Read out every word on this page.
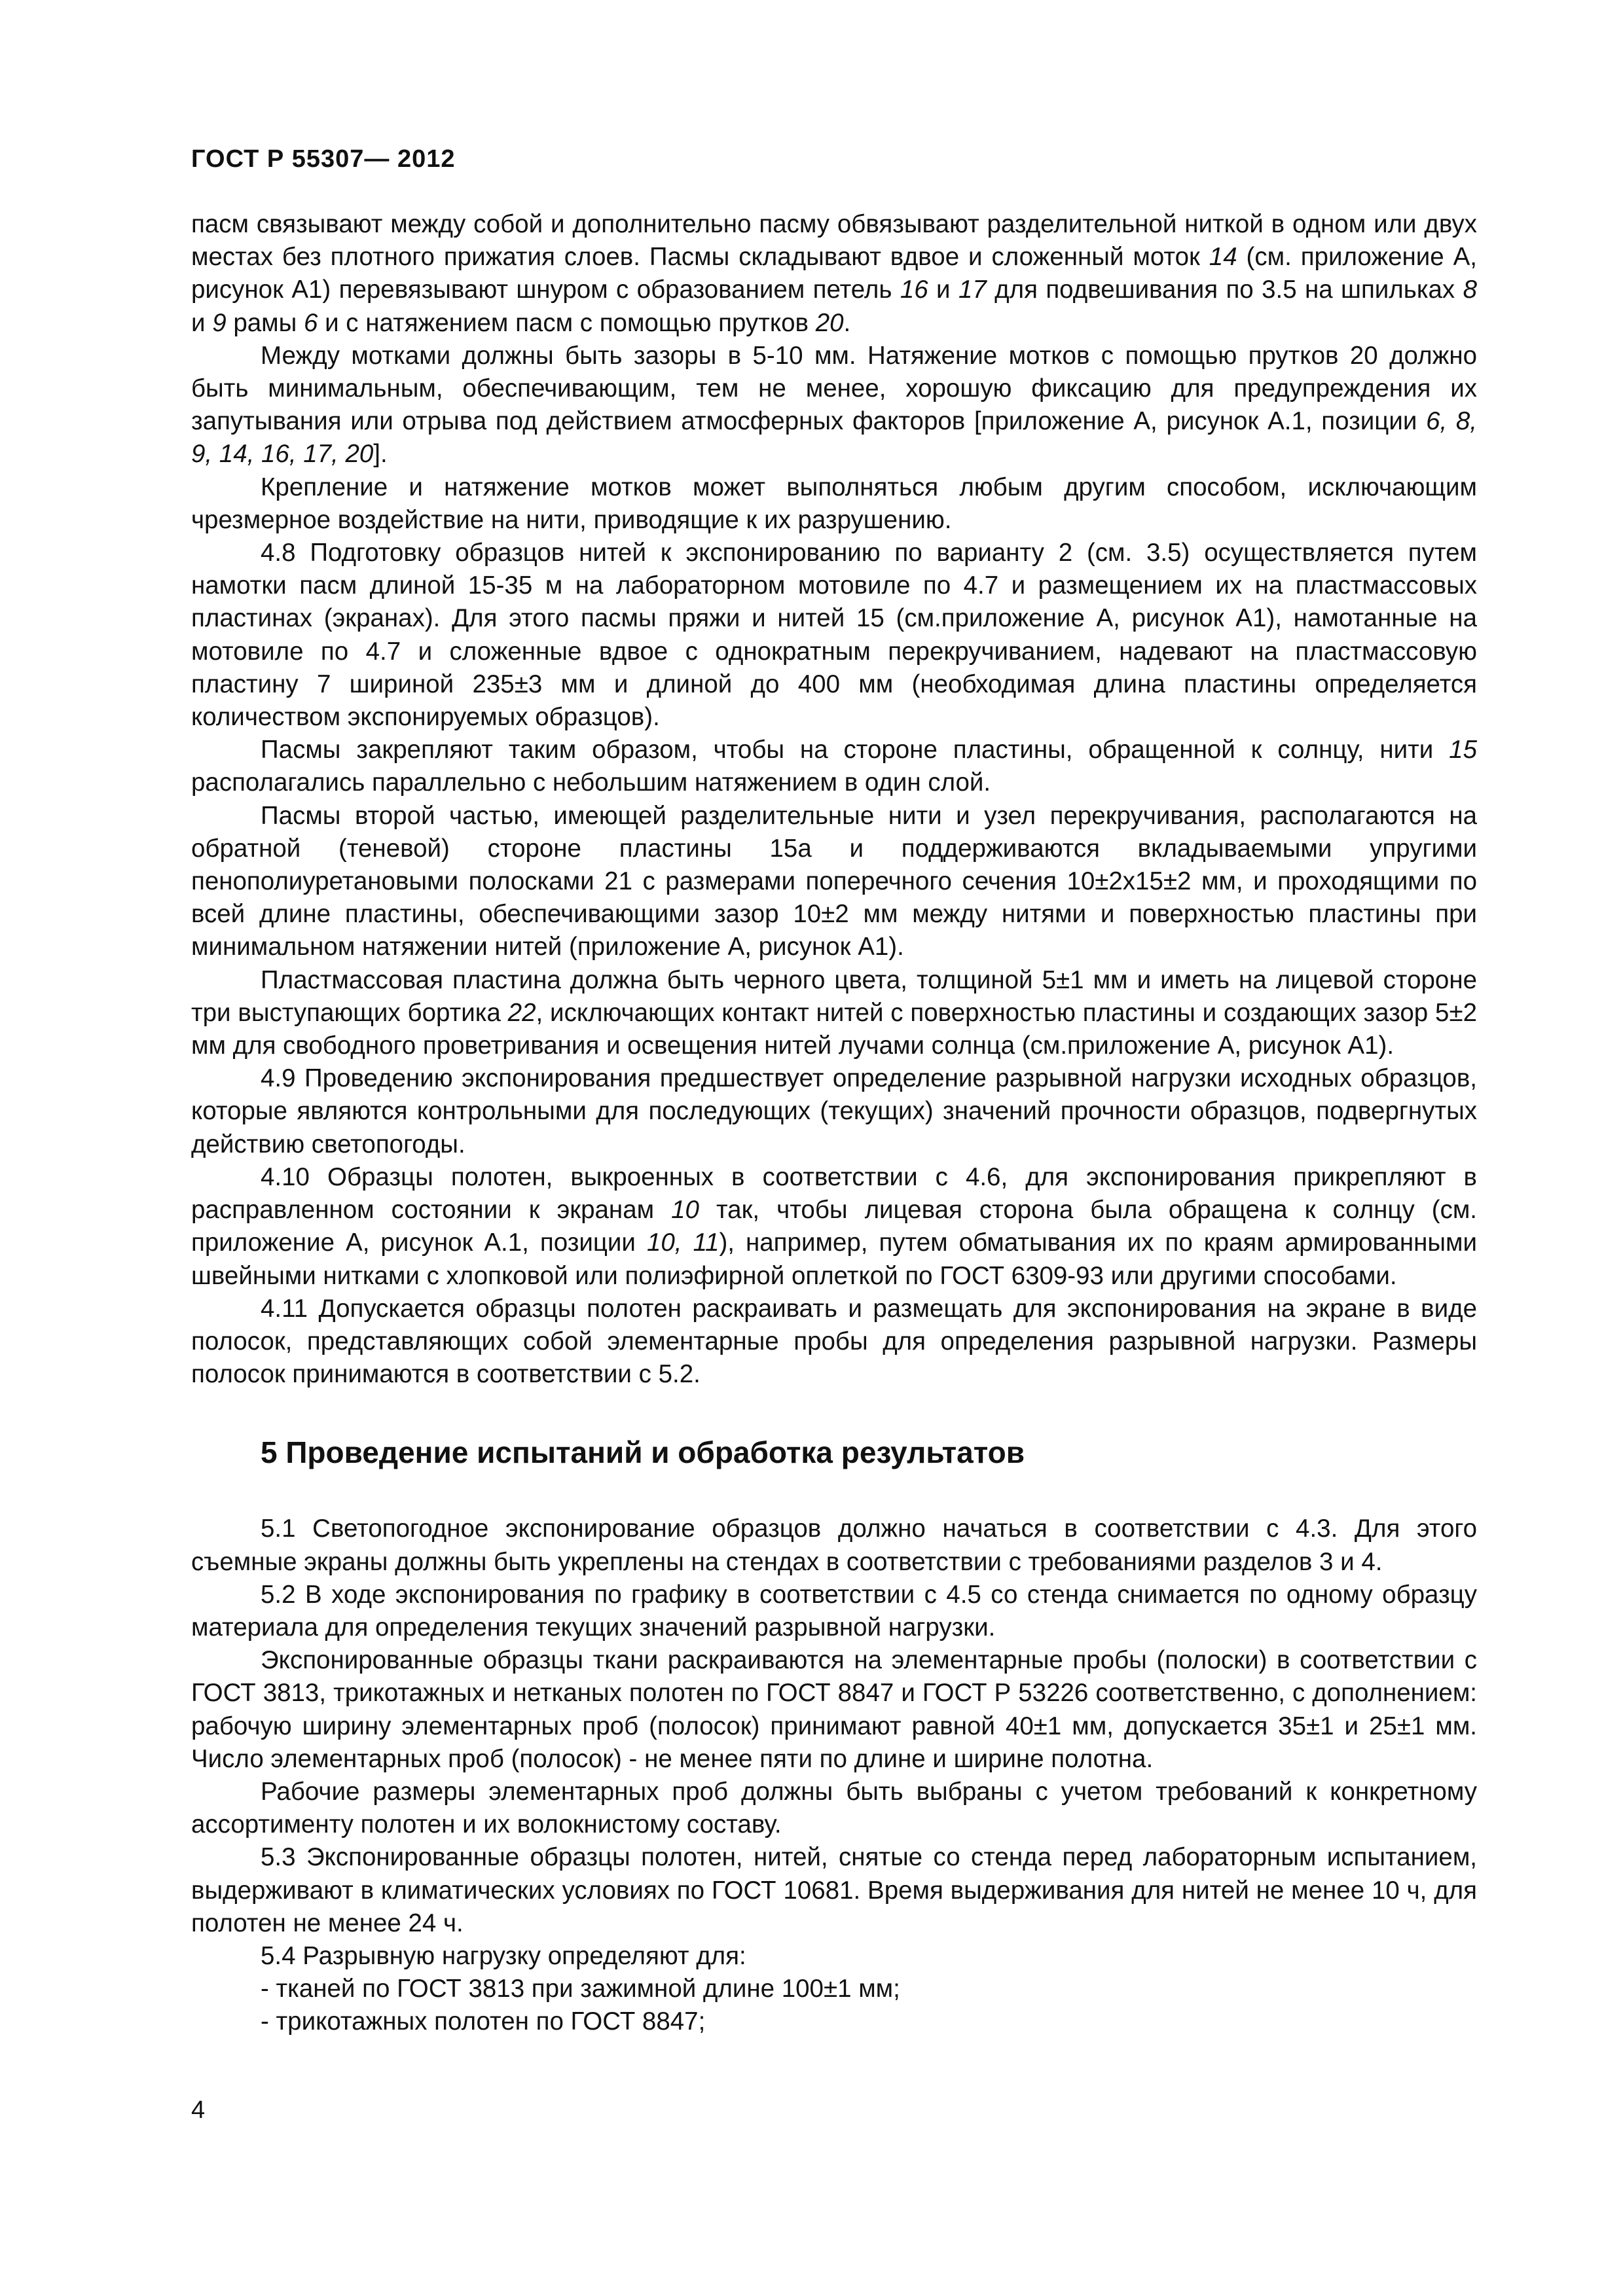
ГОСТ Р 55307— 2012

пасм связывают между собой и дополнительно пасму обвязывают разделительной ниткой в одном или двух местах без плотного прижатия слоев. Пасмы складывают вдвое и сложенный моток 14 (см. приложение А, рисунок А1) перевязывают шнуром с образованием петель 16 и 17 для подвешивания по 3.5 на шпильках 8 и 9 рамы 6 и с натяжением пасм с помощью прутков 20.

Между мотками должны быть зазоры в 5-10 мм. Натяжение мотков с помощью прутков 20 должно быть минимальным, обеспечивающим, тем не менее, хорошую фиксацию для предупреждения их запутывания или отрыва под действием атмосферных факторов [приложение А, рисунок А.1, позиции 6, 8, 9, 14, 16, 17, 20].

Крепление и натяжение мотков может выполняться любым другим способом, исключающим чрезмерное воздействие на нити, приводящие к их разрушению.

4.8 Подготовку образцов нитей к экспонированию по варианту 2 (см. 3.5) осуществляется путем намотки пасм длиной 15-35 м на лабораторном мотовиле по 4.7 и размещением их на пластмассовых пластинах (экранах). Для этого пасмы пряжи и нитей 15 (см.приложение А, рисунок А1), намотанные на мотовиле по 4.7 и сложенные вдвое с однократным перекручиванием, надевают на пластмассовую пластину 7 шириной 235±3 мм и длиной до 400 мм (необходимая длина пластины определяется количеством экспонируемых образцов).

Пасмы закрепляют таким образом, чтобы на стороне пластины, обращенной к солнцу, нити 15 располагались параллельно с небольшим натяжением в один слой.

Пасмы второй частью, имеющей разделительные нити и узел перекручивания, располагаются на обратной (теневой) стороне пластины 15а и поддерживаются вкладываемыми упругими пенополиуретановыми полосками 21 с размерами поперечного сечения 10±2х15±2 мм, и проходящими по всей длине пластины, обеспечивающими зазор 10±2 мм между нитями и поверхностью пластины при минимальном натяжении нитей (приложение А, рисунок А1).

Пластмассовая пластина должна быть черного цвета, толщиной 5±1 мм и иметь на лицевой стороне три выступающих бортика 22, исключающих контакт нитей с поверхностью пластины и создающих зазор 5±2 мм для свободного проветривания и освещения нитей лучами солнца (см.приложение А, рисунок А1).

4.9 Проведению экспонирования предшествует определение разрывной нагрузки исходных образцов, которые являются контрольными для последующих (текущих) значений прочности образцов, подвергнутых действию светопогоды.

4.10 Образцы полотен, выкроенных в соответствии с 4.6, для экспонирования прикрепляют в расправленном состоянии к экранам 10 так, чтобы лицевая сторона была обращена к солнцу (см. приложение А, рисунок А.1, позиции 10, 11), например, путем обматывания их по краям армированными швейными нитками с хлопковой или полиэфирной оплеткой по ГОСТ 6309-93 или другими способами.

4.11 Допускается образцы полотен раскраивать и размещать для экспонирования на экране в виде полосок, представляющих собой элементарные пробы для определения разрывной нагрузки. Размеры полосок принимаются в соответствии с 5.2.

5 Проведение испытаний и обработка результатов

5.1 Светопогодное экспонирование образцов должно начаться в соответствии с 4.3. Для этого съемные экраны должны быть укреплены на стендах в соответствии с требованиями разделов 3 и 4.

5.2 В ходе экспонирования по графику в соответствии с 4.5 со стенда снимается по одному образцу материала для определения текущих значений разрывной нагрузки.

Экспонированные образцы ткани раскраиваются на элементарные пробы (полоски) в соответствии с ГОСТ 3813, трикотажных и нетканых полотен по ГОСТ 8847 и ГОСТ Р 53226 соответственно, с дополнением: рабочую ширину элементарных проб (полосок) принимают равной 40±1 мм, допускается 35±1 и 25±1 мм. Число элементарных проб (полосок) - не менее пяти по длине и ширине полотна.

Рабочие размеры элементарных проб должны быть выбраны с учетом требований к конкретному ассортименту полотен и их волокнистому составу.

5.3 Экспонированные образцы полотен, нитей, снятые со стенда перед лабораторным испытанием, выдерживают в климатических условиях по ГОСТ 10681. Время выдерживания для нитей не менее 10 ч, для полотен не менее 24 ч.

5.4 Разрывную нагрузку определяют для:

- тканей по ГОСТ 3813 при зажимной длине 100±1 мм;

- трикотажных полотен по ГОСТ 8847;

4
